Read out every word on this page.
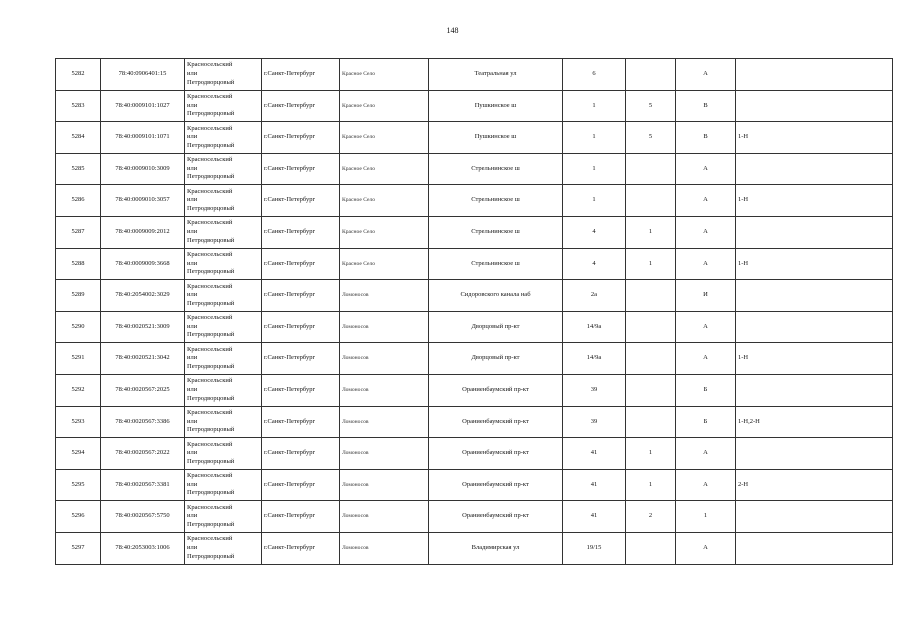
148
5282	78:40:0906401:15	Красносельский
или
Петродворцовый	г.Санкт-Петербург	Красное Село	Театральная ул	6		А	
5283	78:40:0009101:1027	Красносельский
или
Петродворцовый	г.Санкт-Петербург	Красное Село	Пушкинское ш	1	5	В	
5284	78:40:0009101:1071	Красносельский
или
Петродворцовый	г.Санкт-Петербург	Красное Село	Пушкинское ш	1	5	В	1-Н
5285	78:40:0009010:3009	Красносельский
или
Петродворцовый	г.Санкт-Петербург	Красное Село	Стрельнинское ш	1		А	
5286	78:40:0009010:3057	Красносельский
или
Петродворцовый	г.Санкт-Петербург	Красное Село	Стрельнинское ш	1		А	1-Н
5287	78:40:0009009:2012	Красносельский
или
Петродворцовый	г.Санкт-Петербург	Красное Село	Стрельнинское ш	4	1	А	
5288	78:40:0009009:3668	Красносельский
или
Петродворцовый	г.Санкт-Петербург	Красное Село	Стрельнинское ш	4	1	А	1-Н
5289	78:40:2054002:3029	Красносельский
или
Петродворцовый	г.Санкт-Петербург	Ломоносов	Сидоровского канала наб	2а		И	
5290	78:40:0020521:3009	Красносельский
или
Петродворцовый	г.Санкт-Петербург	Ломоносов	Дворцовый пр-кт	14/9а		А	
5291	78:40:0020521:3042	Красносельский
или
Петродворцовый	г.Санкт-Петербург	Ломоносов	Дворцовый пр-кт	14/9а		А	1-Н
5292	78:40:0020567:2025	Красносельский
или
Петродворцовый	г.Санкт-Петербург	Ломоносов	Ораниенбаумский пр-кт	39		Б	
5293	78:40:0020567:3386	Красносельский
или
Петродворцовый	г.Санкт-Петербург	Ломоносов	Ораниенбаумский пр-кт	39		Б	1-Н,2-Н
5294	78:40:0020567:2022	Красносельский
или
Петродворцовый	г.Санкт-Петербург	Ломоносов	Ораниенбаумский пр-кт	41	1	А	
5295	78:40:0020567:3381	Красносельский
или
Петродворцовый	г.Санкт-Петербург	Ломоносов	Ораниенбаумский пр-кт	41	1	А	2-Н
5296	78:40:0020567:5750	Красносельский
или
Петродворцовый	г.Санкт-Петербург	Ломоносов	Ораниенбаумский пр-кт	41	2	1	
5297	78:40:2053003:1006	Красносельский
или
Петродворцовый	г.Санкт-Петербург	Ломоносов	Владимирская ул	19/15		А	
